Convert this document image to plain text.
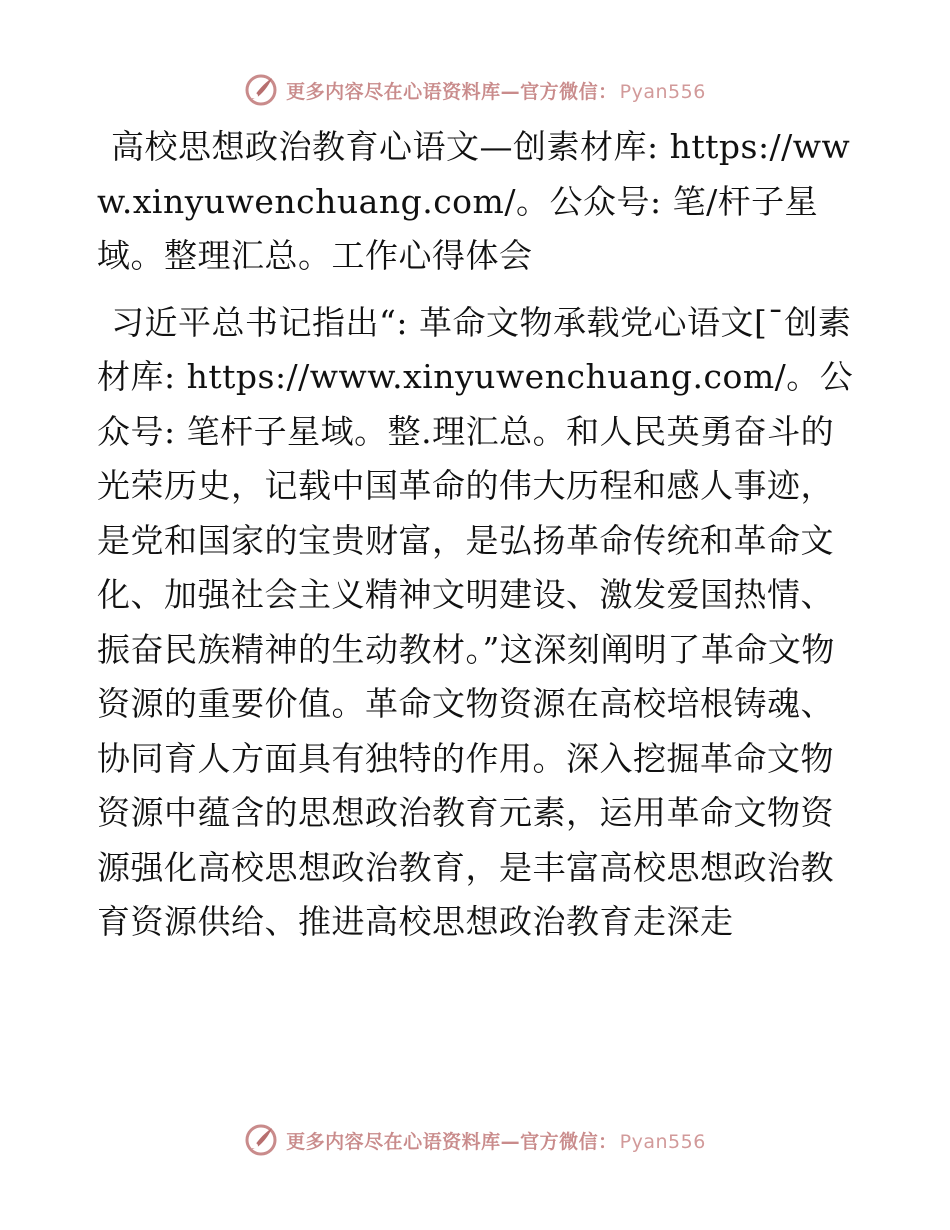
更多内容尽在心语资料库—官方微信： Pyan556

高校思想政治教育心语文—创素材库: https://www.xinyuwenchuang.com/。公众号: 笔/杆子星域。整理汇总。工作心得体会

习近平总书记指出“: 革命文物承载党心语文[¯创素材库: https://www.xinyuwenchuang.com/。公众号: 笔杆子星域。整.理汇总。和人民英勇奋斗的光荣历史，记载中国革命的伟大历程和感人事迹，是党和国家的宝贵财富，是弘扬革命传统和革命文化、加强社会主义精神文明建设、激发爱国热情、振奋民族精神的生动教材。”这深刻阐明了革命文物资源的重要价值。革命文物资源在高校培根铸魂、协同育人方面具有独特的作用。深入挖掘革命文物资源中蕴含的思想政治教育元素，运用革命文物资源强化高校思想政治教育，是丰富高校思想政治教育资源供给、推进高校思想政治教育走深走

更多内容尽在心语资料库—官方微信： Pyan556
